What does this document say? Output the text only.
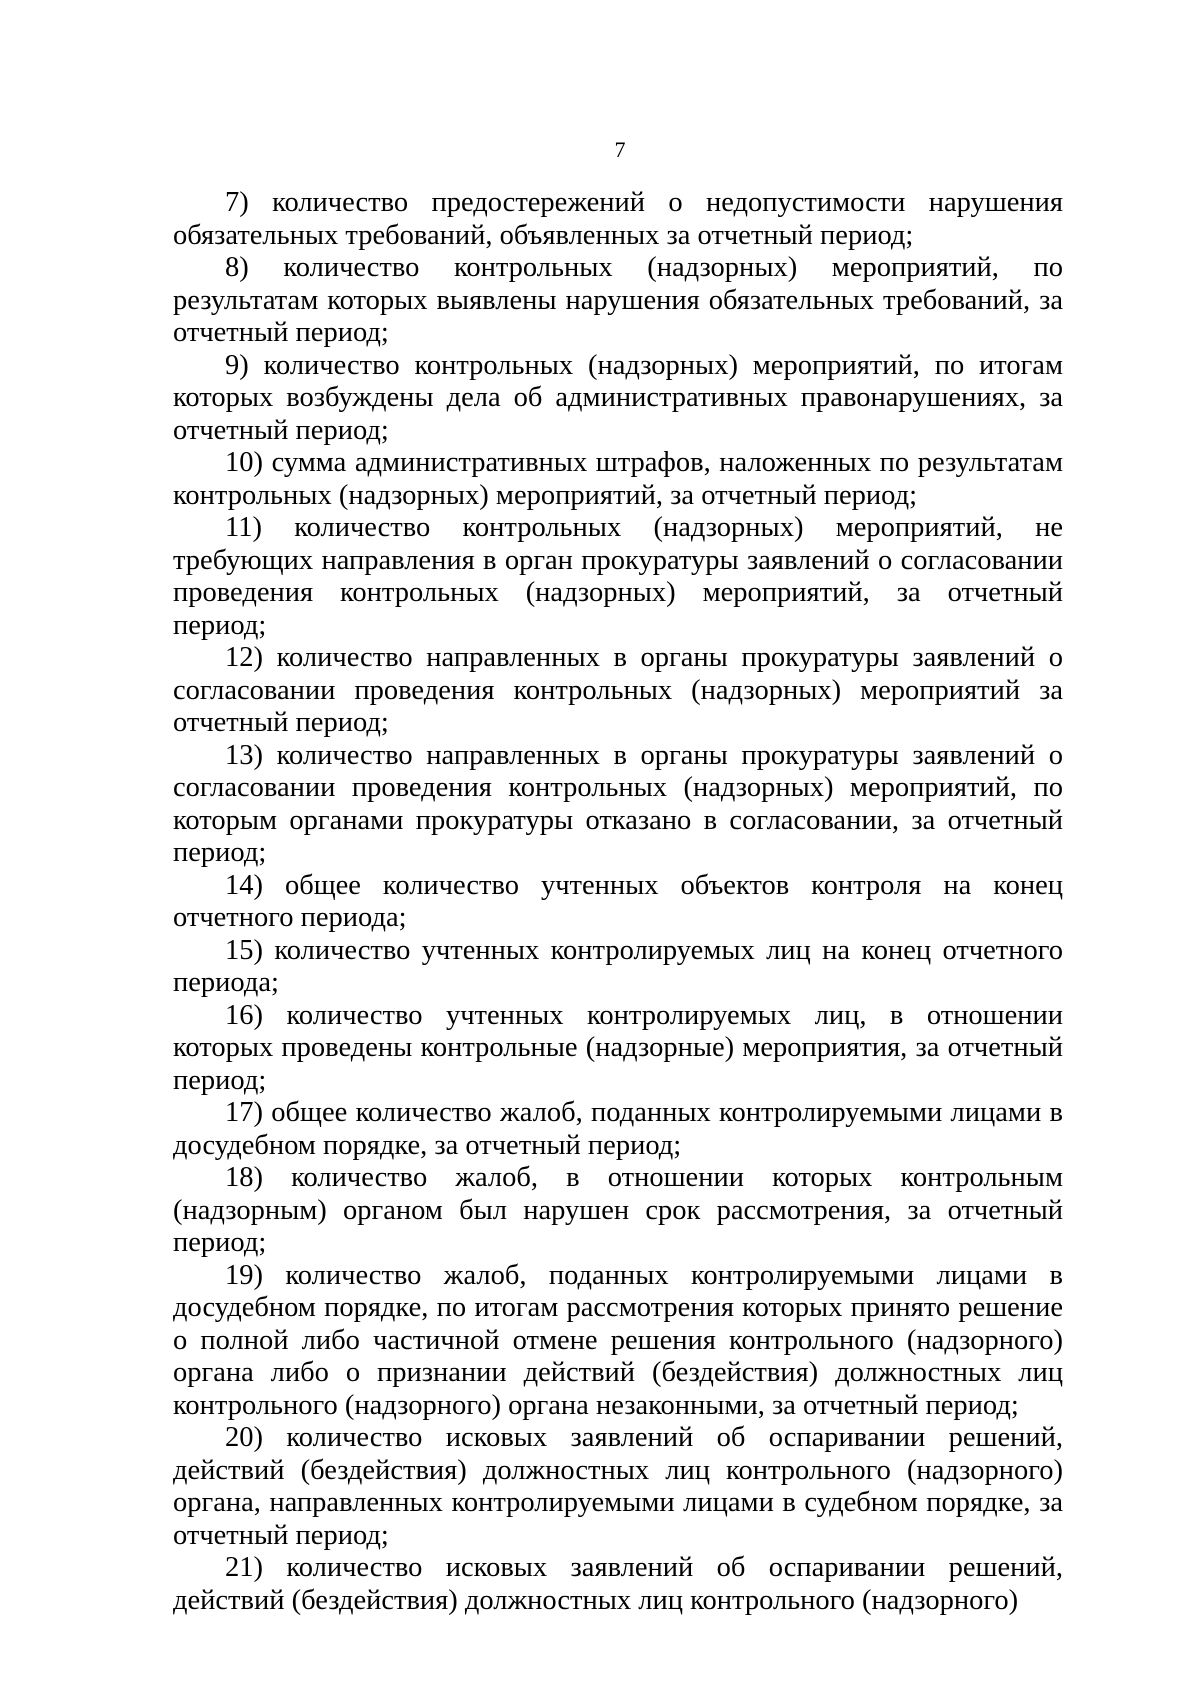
7

7) количество предостережений о недопустимости нарушения обязательных требований, объявленных за отчетный период;

8) количество контрольных (надзорных) мероприятий, по результатам которых выявлены нарушения обязательных требований, за отчетный период;

9) количество контрольных (надзорных) мероприятий, по итогам которых возбуждены дела об административных правонарушениях, за отчетный период;

10) сумма административных штрафов, наложенных по результатам контрольных (надзорных) мероприятий, за отчетный период;

11) количество контрольных (надзорных) мероприятий, не требующих направления в орган прокуратуры заявлений о согласовании проведения контрольных (надзорных) мероприятий, за отчетный период;

12) количество направленных в органы прокуратуры заявлений о согласовании проведения контрольных (надзорных) мероприятий за отчетный период;

13) количество направленных в органы прокуратуры заявлений о согласовании проведения контрольных (надзорных) мероприятий, по которым органами прокуратуры отказано в согласовании, за отчетный период;

14) общее количество учтенных объектов контроля на конец отчетного периода;

15) количество учтенных контролируемых лиц на конец отчетного периода;

16) количество учтенных контролируемых лиц, в отношении которых проведены контрольные (надзорные) мероприятия, за отчетный период;

17) общее количество жалоб, поданных контролируемыми лицами в досудебном порядке, за отчетный период;

18) количество жалоб, в отношении которых контрольным (надзорным) органом был нарушен срок рассмотрения, за отчетный период;

19) количество жалоб, поданных контролируемыми лицами в досудебном порядке, по итогам рассмотрения которых принято решение о полной либо частичной отмене решения контрольного (надзорного) органа либо о признании действий (бездействия) должностных лиц контрольного (надзорного) органа незаконными, за отчетный период;

20) количество исковых заявлений об оспаривании решений, действий (бездействия) должностных лиц контрольного (надзорного) органа, направленных контролируемыми лицами в судебном порядке, за отчетный период;

21) количество исковых заявлений об оспаривании решений, действий (бездействия) должностных лиц контрольного (надзорного)
